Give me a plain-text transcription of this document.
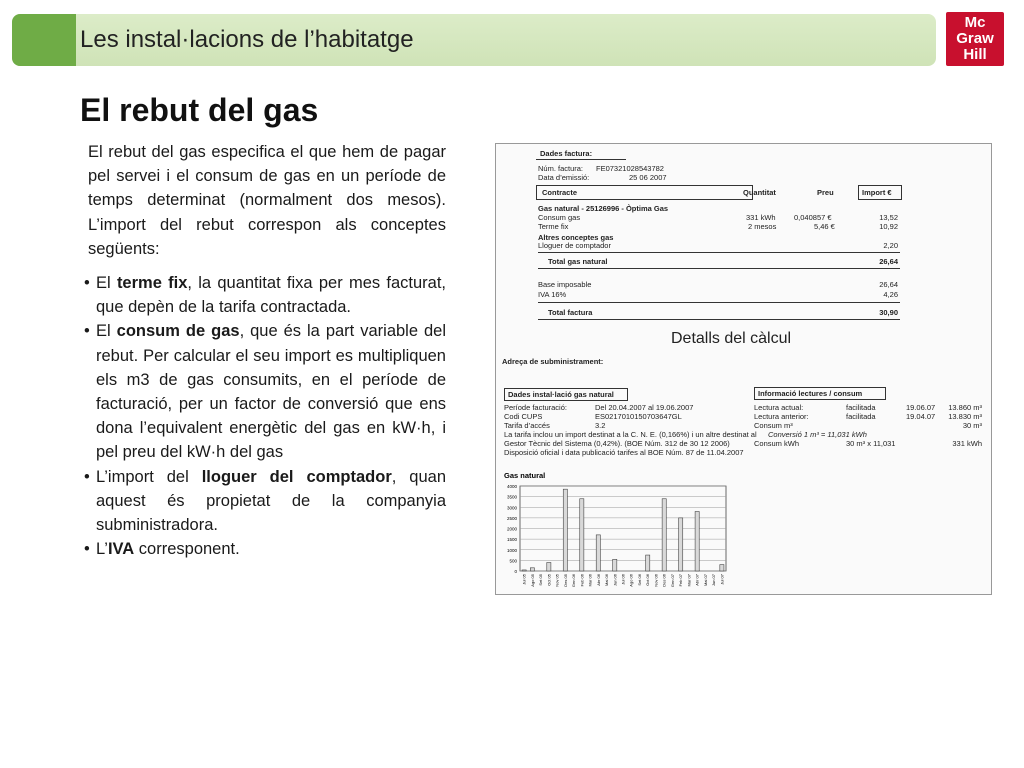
Les instal·lacions de l’habitatge
Mc
Graw
Hill
El rebut del gas

El rebut del gas especifica el que hem de pagar pel servei i el consum de gas en un període de temps determinat (normalment dos mesos). L’import del rebut correspon als conceptes següents:

• El terme fix, la quantitat fixa per mes facturat, que depèn de la tarifa contractada.
• El consum de gas, que és la part variable del rebut. Per calcular el seu import es multipliquen els m3 de gas consumits, en el període de facturació, per un factor de conversió que ens dona l’equivalent energètic del gas en kW·h, i pel preu del kW·h del gas
• L’import del lloguer del comptador, quan aquest és propietat de la companyia subministradora.
• L’IVA corresponent.
Dades factura:
Núm. factura: FE07321028543782
Data d’emissió:	25 06 2007
Contracte	Quantitat	Preu	Import €
Gas natural - 25126996 - Òptima Gas
Consum gas	331 kWh 0,040857 €	13,52
Terme fix	2 mesos	5,46 €	10,92
Altres conceptes gas
Lloguer de comptador	2,20
Total gas natural	26,64
Base imposable	26,64
IVA 16%	4,26
Total factura	30,90
Detalls del càlcul
Adreça de subministrament:
Dades instal·lació gas natural
Període facturació:	Del 20.04.2007 al 19.06.2007
Codi CUPS	ES0217010150703647GL
Tarifa d’accés	3.2
La tarifa inclou un import destinat a la C. N. E. (0,166%) i un altre destinat al
Gestor Tècnic del Sistema (0,42%). (BOE Núm. 312 de 30 12 2006)
Disposició oficial i data publicació tarifes al BOE Núm. 87 de 11.04.2007
Informació lectures / consum
Lectura actual:	facilitada	19.06.07	13.860 m³
Lectura anterior:	facilitada	19.04.07	13.830 m³
Consum m³	30 m³
Conversió 1 m³ = 11,031 kWh
Consum kWh	30 m³ x 11,031	331 kWh
Gas natural
0
500
1000
1500
2000
2500
3000
3500
4000
Jul 05 Ago 05 Set 05 Oct 05 Nov 05 Des 05 Gen 06 Feb 06 Mar 06 Abr 06 Mai 06 Jun 06 Jul 06 Ago 06 Set 06 Oct 06 Nov 06 Des 06 Gen 07 Feb 07 Mar 07 Abr 07 Mai 07 Jun 07 Jul 07
